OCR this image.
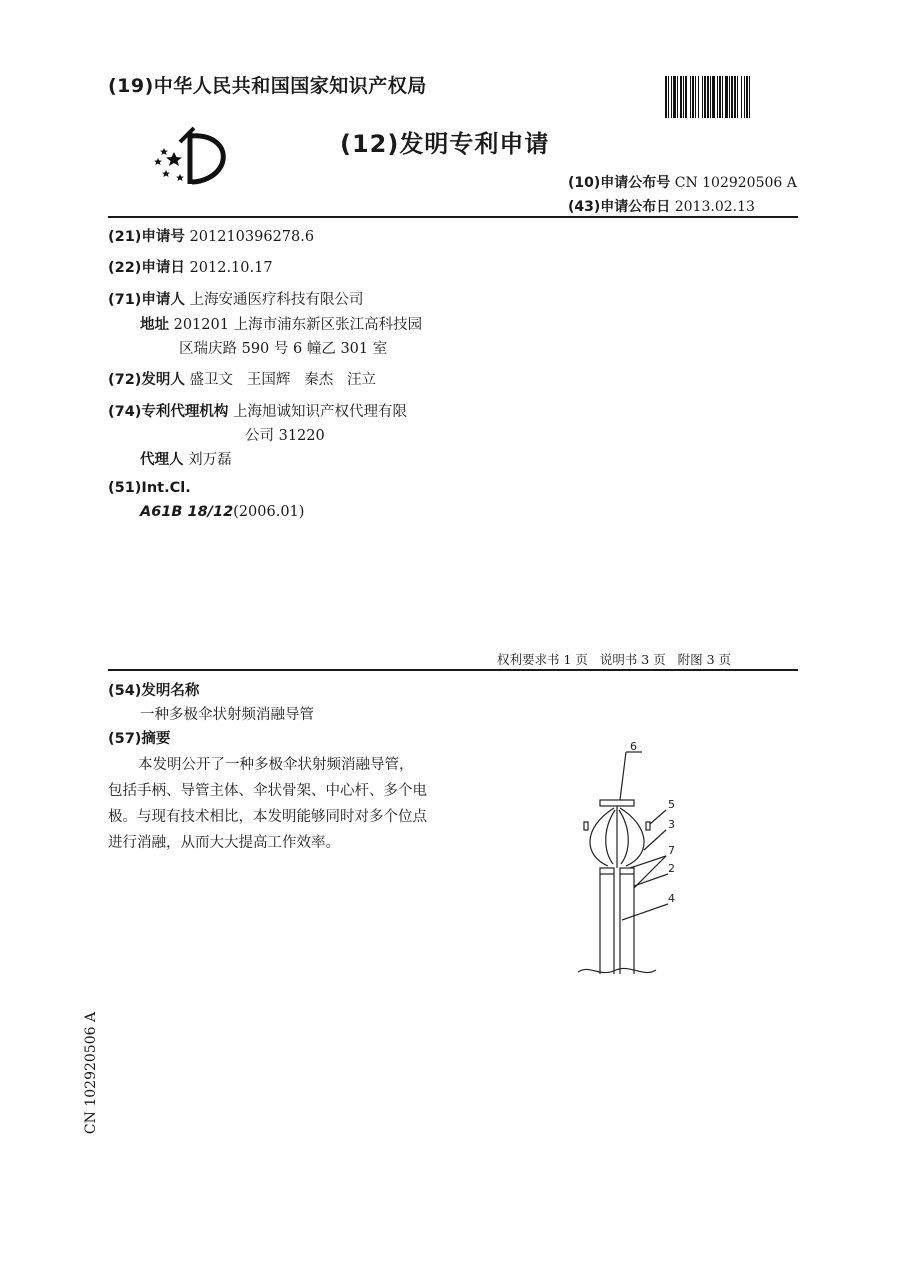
(19)中华人民共和国国家知识产权局
(12)发明专利申请
(10)申请公布号 CN 102920506 A
(43)申请公布日 2013.02.13
(21)申请号 201210396278.6
(22)申请日 2012.10.17
(71)申请人 上海安通医疗科技有限公司
地址 201201 上海市浦东新区张江高科技园
区瑞庆路 590 号 6 幢乙 301 室
(72)发明人 盛卫文   王国辉   秦杰   汪立
(74)专利代理机构 上海旭诚知识产权代理有限
公司 31220
代理人 刘万磊
(51)Int.Cl.
A61B 18/12(2006.01)
权利要求书 1 页   说明书 3 页   附图 3 页
(54)发明名称
一种多极伞状射频消融导管
(57)摘要
本发明公开了一种多极伞状射频消融导管，
包括手柄、导管主体、伞状骨架、中心杆、多个电
极。与现有技术相比，本发明能够同时对多个位点
进行消融，从而大大提高工作效率。
6
5
3
7
2
4
CN 102920506 A
